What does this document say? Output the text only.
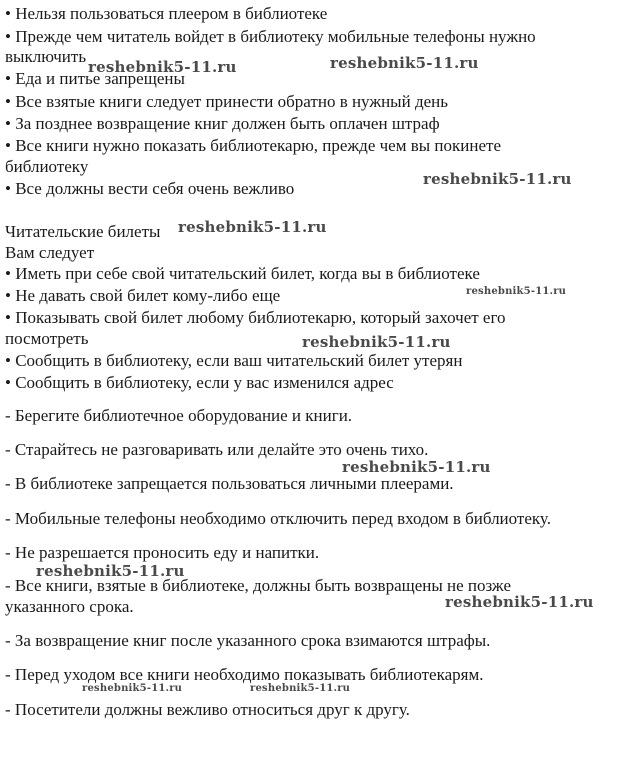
• Нельзя пользоваться плеером в библиотеке
• Прежде чем читатель войдет в библиотеку мобильные телефоны нужно
выключить
• Еда и питье запрещены
• Все взятые книги следует принести обратно в нужный день
• За позднее возвращение книг должен быть оплачен штраф
• Все книги нужно показать библиотекарю, прежде чем вы покинете
библиотеку
• Все должны вести себя очень вежливо
Читательские билеты
Вам следует
• Иметь при себе свой читательский билет, когда вы в библиотеке
• Не давать свой билет кому-либо еще
• Показывать свой билет любому библиотекарю, который захочет его
посмотреть
• Сообщить в библиотеку, если ваш читательский билет утерян
• Сообщить в библиотеку, если у вас изменился адрес
- Берегите библиотечное оборудование и книги.
- Старайтесь не разговаривать или делайте это очень тихо.
- В библиотеке запрещается пользоваться личными плеерами.
- Мобильные телефоны необходимо отключить перед входом в библиотеку.
- Не разрешается проносить еду и напитки.
- Все книги, взятые в библиотеке, должны быть возвращены не позже
указанного срока.
- За возвращение книг после указанного срока взимаются штрафы.
- Перед уходом все книги необходимо показывать библиотекарям.
- Посетители должны вежливо относиться друг к другу.
reshebnik5-11.ru	reshebnik5-11.ru
reshebnik5-11.ru
reshebnik5-11.ru
reshebnik5-11.ru
reshebnik5-11.ru
reshebnik5-11.ru
reshebnik5-11.ru
reshebnik5-11.ru
reshebnik5-11.ru	reshebnik5-11.ru
